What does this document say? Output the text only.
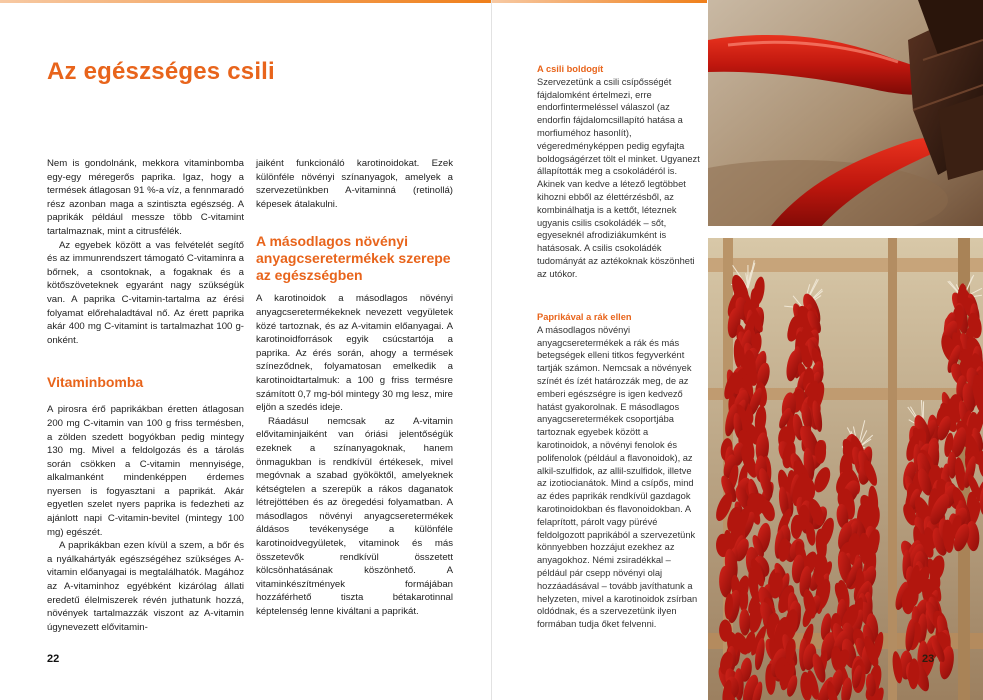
Az egészséges csili

Nem is gondolnánk, mekkora vitaminbomba egy-egy méregerős paprika. Igaz, hogy a termések átlagosan 91 %-a víz, a fennmaradó rész azonban maga a szintiszta egészség. A paprikák például messze több C-vitamint tartalmaznak, mint a citrusfélék.

Az egyebek között a vas felvételét segítő és az immunrendszert támogató C-vitaminra a bőrnek, a csontoknak, a fogaknak és a kötőszöveteknek egyaránt nagy szükségük van. A paprika C-vitamin-tartalma az érési folyamat előrehaladtával nő. Az érett paprika akár 400 mg C-vitamint is tartalmazhat 100 g-onként.

Vitaminbomba

A pirosra érő paprikákban éretten átlagosan 200 mg C-vitamin van 100 g friss termésben, a zölden szedett bogyókban pedig mintegy 130 mg. Mivel a feldolgozás és a tárolás során csökken a C-vitamin mennyisége, alkalmanként mindenképpen érdemes nyersen is fogyasztani a paprikát. Akár egyetlen szelet nyers paprika is fedezheti az ajánlott napi C-vitamin-bevitel (mintegy 100 mg) egészét.

A paprikákban ezen kívül a szem, a bőr és a nyálkahártyák egészségéhez szükséges A-vitamin előanyagai is megtalálhatók. Magához az A-vitaminhoz egyébként kizárólag állati eredetű élelmiszerek révén juthatunk hozzá, növények tartalmazzák viszont az A-vitamin úgynevezett elővitamin-

jaiként funkcionáló karotinoidokat. Ezek különféle növényi színanyagok, amelyek a szervezetünkben A-vitaminná (retinollá) képesek átalakulni.

A másodlagos növényi anyagcseretermékek szerepe az egészségben

A karotinoidok a másodlagos növényi anyagcseretermékeknek nevezett vegyületek közé tartoznak, és az A-vitamin előanyagai. A karotinoidforrások egyik csúcstartója a paprika. Az érés során, ahogy a termések színeződnek, folyamatosan emelkedik a karotinoidtartalmuk: a 100 g friss termésre számított 0,7 mg-ból mintegy 30 mg lesz, mire eljön a szedés ideje.

Ráadásul nemcsak az A-vitamin elővitaminjaiként van óriási jelentőségük ezeknek a színanyagoknak, hanem önmagukban is rendkívül értékesek, mivel megóvnak a szabad gyököktől, amelyeknek kétségtelen a szerepük a rákos daganatok létrejöttében és az öregedési folyamatban. A másodlagos növényi anyagcseretermékek áldásos tevékenysége a különféle karotinoidvegyületek, vitaminok és más összetevők rendkívül összetett kölcsönhatásának köszönhető. A vitaminkészítmények formájában hozzáférhető tiszta bétakarotinnal képtelenség lenne kiváltani a paprikát.

22
A csili boldogít

Szervezetünk a csili csípősségét fájdalomként értelmezi, erre endorfintermeléssel válaszol (az endorfin fájdalomcsillapító hatása a morfiuméhoz hasonlít), végeredményképpen pedig egyfajta boldogságérzet tölt el minket. Ugyanezt állapították meg a csokoládéról is. Akinek van kedve a létező legtöbbet kihozni ebből az élettérzésből, az kombinálhatja is a kettőt, léteznek ugyanis csilis csokoládék – sőt, egyeseknél afrodiziákumként is hatásosak. A csilis csokoládék tudományát az aztékoknak köszönheti az utókor.

Paprikával a rák ellen

A másodlagos növényi anyagcseretermékek a rák és más betegségek elleni titkos fegyverként tartják számon. Nemcsak a növények színét és ízét határozzák meg, de az emberi egészségre is igen kedvező hatást gyakorolnak. E másodlagos anyagcseretermékek csoportjába tartoznak egyebek között a karotinoidok, a növényi fenolok és polifenolok (például a flavonoidok), az alkil-szulfidok, az allil-szulfidok, illetve az izotiocianátok. Mind a csípős, mind az édes paprikák rendkívül gazdagok karotinoidokban és flavonoidokban. A felaprított, párolt vagy pürévé feldolgozott paprikából a szervezetünk könnyebben hozzájut ezekhez az anyagokhoz. Némi zsiradékkal – például pár csepp növényi olaj hozzáadásával – tovább javíthatunk a helyzeten, mivel a karotinoidok zsírban oldódnak, és a szervezetünk ilyen formában tudja őket felvenni.

23
